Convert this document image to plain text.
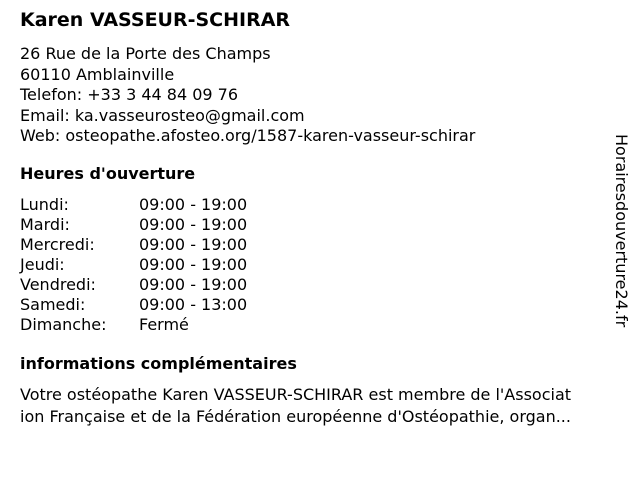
Karen VASSEUR-SCHIRAR
26 Rue de la Porte des Champs
60110 Amblainville
Telefon: +33 3 44 84 09 76
Email: ka.vasseurosteo@gmail.com
Web: osteopathe.afosteo.org/1587-karen-vasseur-schirar
Heures d'ouverture
Lundi:	09:00 - 19:00
Mardi:	09:00 - 19:00
Mercredi:	09:00 - 19:00
Jeudi:	09:00 - 19:00
Vendredi:	09:00 - 19:00
Samedi:	09:00 - 13:00
Dimanche:	Fermé
informations complémentaires
Votre ostéopathe Karen VASSEUR-SCHIRAR est membre de l'Associat
ion Française et de la Fédération européenne d'Ostéopathie, organ...
Horairesdouverture24.fr
